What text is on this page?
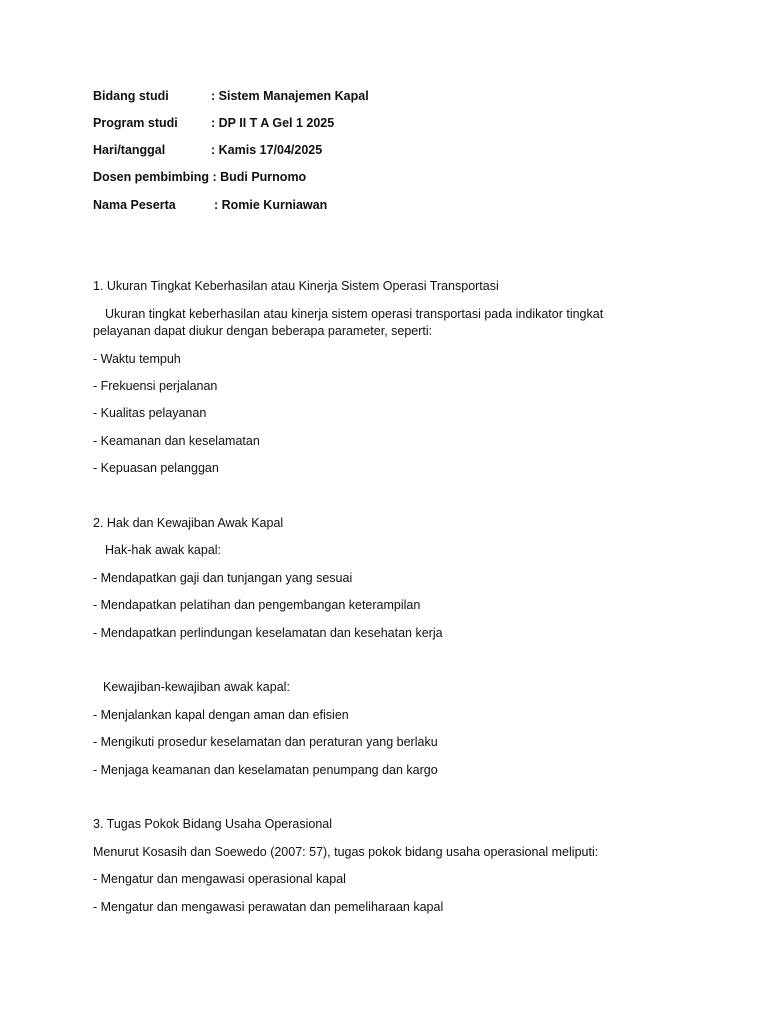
Bidang studi	: Sistem Manajemen Kapal
Program studi	: DP II T A Gel 1 2025
Hari/tanggal	: Kamis 17/04/2025
Dosen pembimbing : Budi Purnomo
Nama Peserta	: Romie Kurniawan
1. Ukuran Tingkat Keberhasilan atau Kinerja Sistem Operasi Transportasi
Ukuran tingkat keberhasilan atau kinerja sistem operasi transportasi pada indikator tingkat
pelayanan dapat diukur dengan beberapa parameter, seperti:
- Waktu tempuh
- Frekuensi perjalanan
- Kualitas pelayanan
- Keamanan dan keselamatan
- Kepuasan pelanggan
2. Hak dan Kewajiban Awak Kapal
Hak-hak awak kapal:
- Mendapatkan gaji dan tunjangan yang sesuai
- Mendapatkan pelatihan dan pengembangan keterampilan
- Mendapatkan perlindungan keselamatan dan kesehatan kerja
Kewajiban-kewajiban awak kapal:
- Menjalankan kapal dengan aman dan efisien
- Mengikuti prosedur keselamatan dan peraturan yang berlaku
- Menjaga keamanan dan keselamatan penumpang dan kargo
3. Tugas Pokok Bidang Usaha Operasional
Menurut Kosasih dan Soewedo (2007: 57), tugas pokok bidang usaha operasional meliputi:
- Mengatur dan mengawasi operasional kapal
- Mengatur dan mengawasi perawatan dan pemeliharaan kapal
